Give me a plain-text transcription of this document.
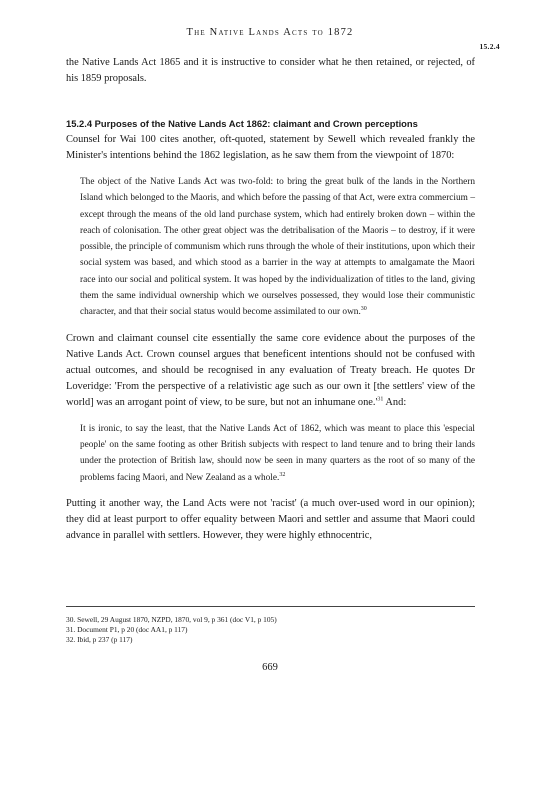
The Native Lands Acts to 1872
15.2.4

the Native Lands Act 1865 and it is instructive to consider what he then retained, or rejected, of his 1859 proposals.

15.2.4 Purposes of the Native Lands Act 1862: claimant and Crown perceptions

Counsel for Wai 100 cites another, oft-quoted, statement by Sewell which revealed frankly the Minister's intentions behind the 1862 legislation, as he saw them from the viewpoint of 1870:

The object of the Native Lands Act was two-fold: to bring the great bulk of the lands in the Northern Island which belonged to the Maoris, and which before the passing of that Act, were extra commercium – except through the means of the old land purchase system, which had entirely broken down – within the reach of colonisation. The other great object was the detribalisation of the Maoris – to destroy, if it were possible, the principle of communism which runs through the whole of their institutions, upon which their social system was based, and which stood as a barrier in the way at attempts to amalgamate the Maori race into our social and political system. It was hoped by the individualization of titles to the land, giving them the same individual ownership which we ourselves possessed, they would lose their communistic character, and that their social status would become assimilated to our own.$^{30}$

Crown and claimant counsel cite essentially the same core evidence about the purposes of the Native Lands Act. Crown counsel argues that beneficent intentions should not be confused with actual outcomes, and should be recognised in any evaluation of Treaty breach. He quotes Dr Loveridge: 'From the perspective of a relativistic age such as our own it [the settlers' view of the world] was an arrogant point of view, to be sure, but not an inhumane $one.'^{31}$ And:

It is ironic, to say the least, that the Native Lands Act of 1862, which was meant to place this 'especial people' on the same footing as other British subjects with respect to land tenure and to bring their lands under the protection of British law, should now be seen in many quarters as the root of so many of the problems facing Maori, and New Zealand as a whole.$^{32}$

Putting it another way, the Land Acts were not 'racist' (a much over-used word in our opinion); they did at least purport to offer equality between Maori and settler and assume that Maori could advance in parallel with settlers. However, they were highly ethnocentric,

30. Sewell, 29 August 1870, NZPD, 1870, vol 9, p 361 (doc V1, p 105)
31. Document P1, p 20 (doc AA1, p 117)
32. Ibid, p 237 (p 117)
669
